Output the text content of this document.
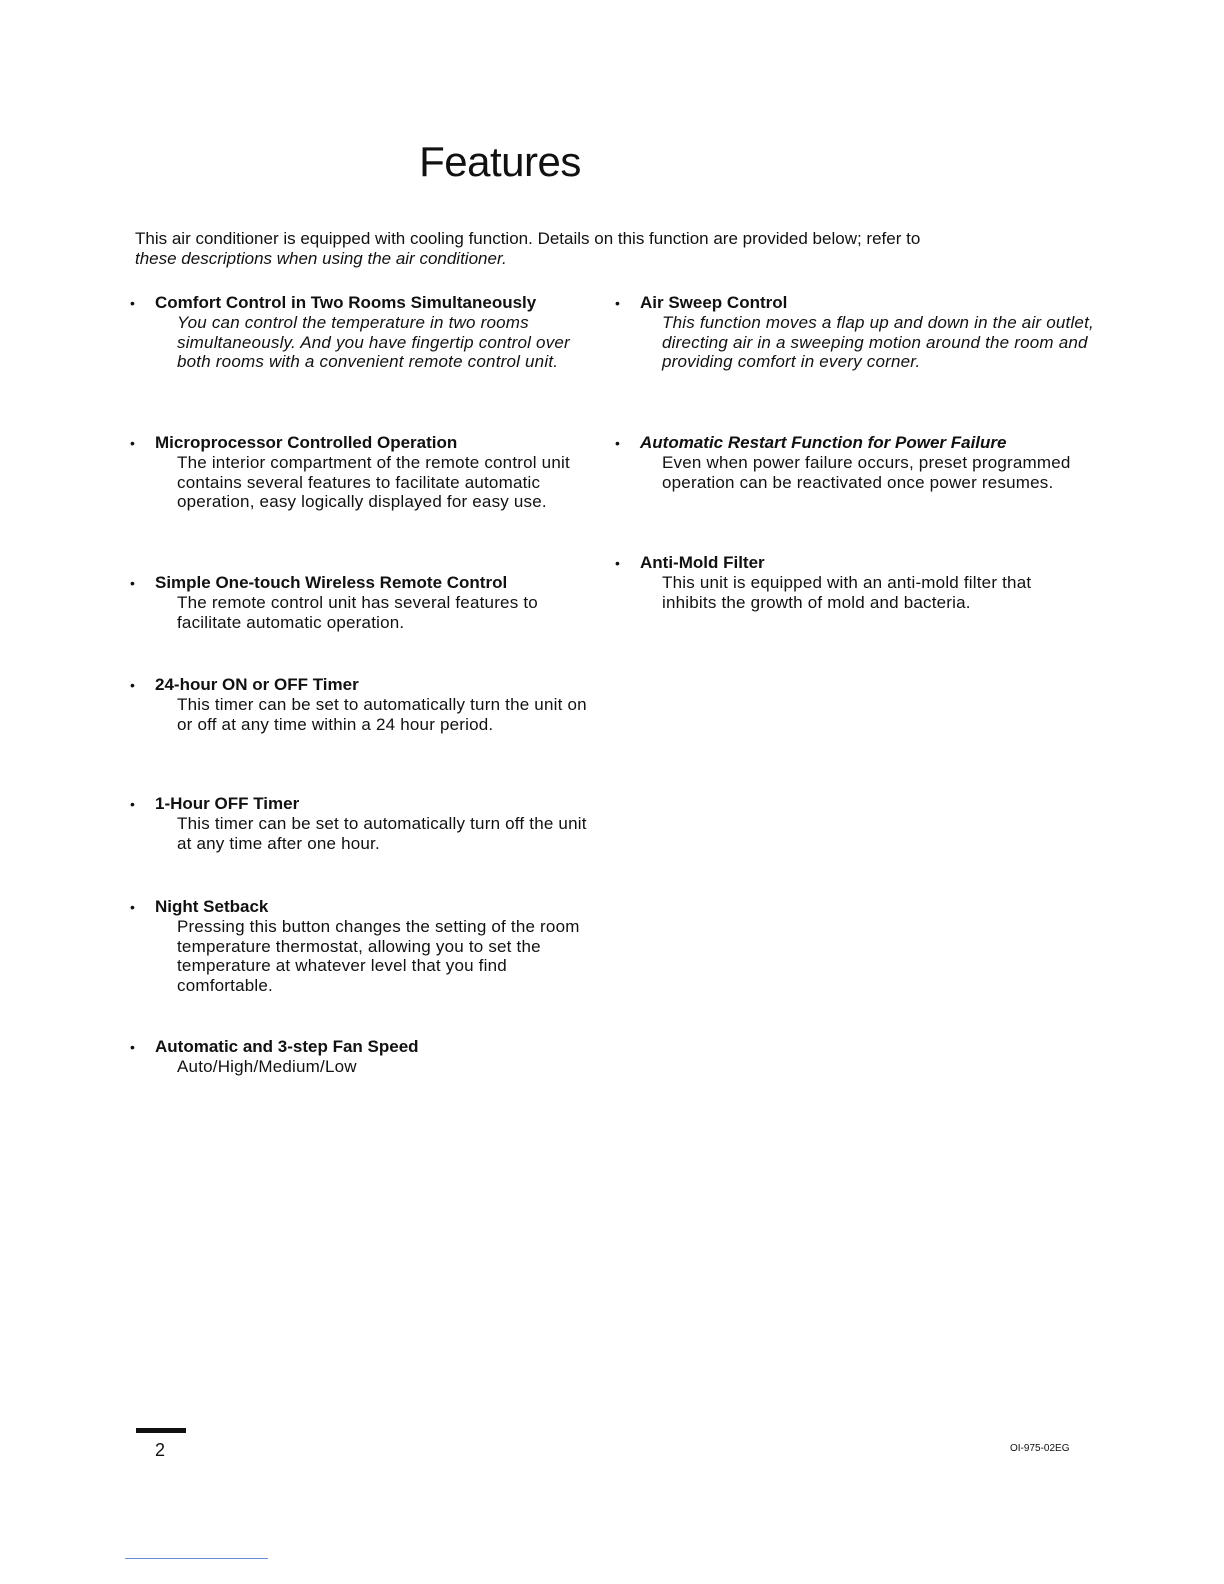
Features
This air conditioner is equipped with cooling function. Details on this function are provided below; refer to
these descriptions when using the air conditioner.
• Comfort Control in Two Rooms Simultaneously
You can control the temperature in two rooms simultaneously. And you have fingertip control over both rooms with a convenient remote control unit.
• Microprocessor Controlled Operation
The interior compartment of the remote control unit contains several features to facilitate automatic operation, easy logically displayed for easy use.
• Simple One-touch Wireless Remote Control
The remote control unit has several features to facilitate automatic operation.
• 24-hour ON or OFF Timer
This timer can be set to automatically turn the unit on or off at any time within a 24 hour period.
• 1-Hour OFF Timer
This timer can be set to automatically turn off the unit at any time after one hour.
• Night Setback
Pressing this button changes the setting of the room temperature thermostat, allowing you to set the temperature at whatever level that you find comfortable.
• Automatic and 3-step Fan Speed
Auto/High/Medium/Low
• Air Sweep Control
This function moves a flap up and down in the air outlet, directing air in a sweeping motion around the room and providing comfort in every corner.
• Automatic Restart Function for Power Failure
Even when power failure occurs, preset programmed operation can be reactivated once power resumes.
• Anti-Mold Filter
This unit is equipped with an anti-mold filter that inhibits the growth of mold and bacteria.
2	OI-975-02EG
